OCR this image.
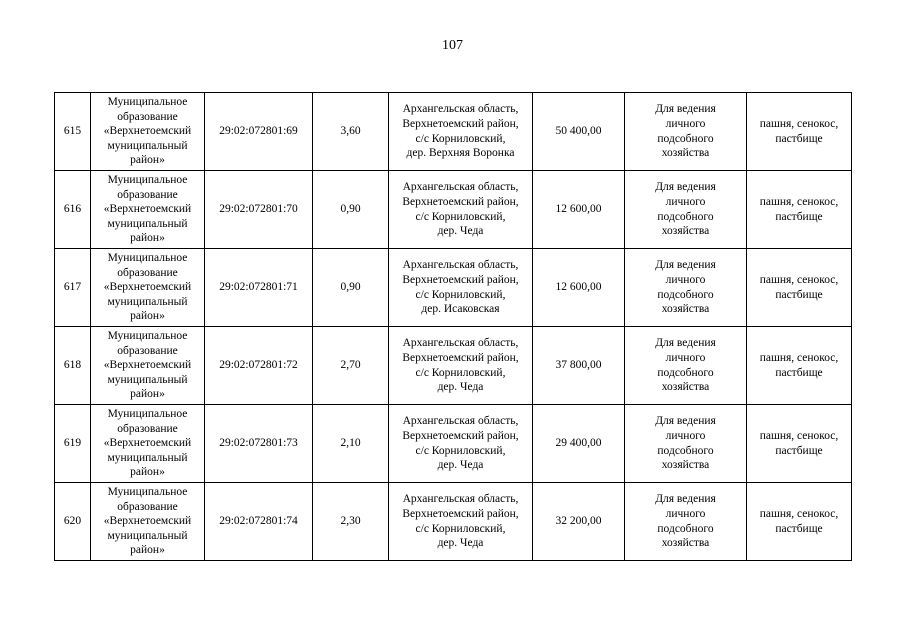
107
615	Муниципальное
образование
«Верхнетоемский
муниципальный
район»	29:02:072801:69	3,60	Архангельская область,
Верхнетоемский район,
с/с Корниловский,
дер. Верхняя Воронка	50 400,00	Для ведения
личного
подсобного
хозяйства	пашня, сенокос,
пастбище

616	Муниципальное
образование
«Верхнетоемский
муниципальный
район»	29:02:072801:70	0,90	Архангельская область,
Верхнетоемский район,
с/с Корниловский,
дер. Чеда	12 600,00	Для ведения
личного
подсобного
хозяйства	пашня, сенокос,
пастбище

617	Муниципальное
образование
«Верхнетоемский
муниципальный
район»	29:02:072801:71	0,90	Архангельская область,
Верхнетоемский район,
с/с Корниловский,
дер. Исаковская	12 600,00	Для ведения
личного
подсобного
хозяйства	пашня, сенокос,
пастбище

618	Муниципальное
образование
«Верхнетоемский
муниципальный
район»	29:02:072801:72	2,70	Архангельская область,
Верхнетоемский район,
с/с Корниловский,
дер. Чеда	37 800,00	Для ведения
личного
подсобного
хозяйства	пашня, сенокос,
пастбище

619	Муниципальное
образование
«Верхнетоемский
муниципальный
район»	29:02:072801:73	2,10	Архангельская область,
Верхнетоемский район,
с/с Корниловский,
дер. Чеда	29 400,00	Для ведения
личного
подсобного
хозяйства	пашня, сенокос,
пастбище

620	Муниципальное
образование
«Верхнетоемский
муниципальный
район»	29:02:072801:74	2,30	Архангельская область,
Верхнетоемский район,
с/с Корниловский,
дер. Чеда	32 200,00	Для ведения
личного
подсобного
хозяйства	пашня, сенокос,
пастбище
